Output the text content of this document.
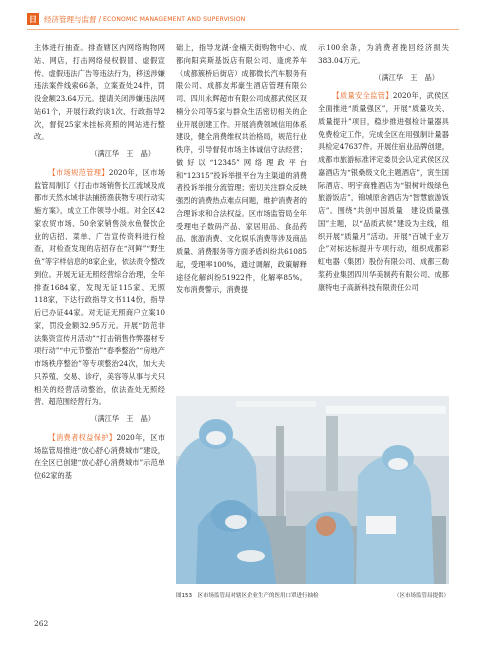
日 经济管理与监督 / ECONOMIC MANAGEMENT AND SUPERVISION

主体进行抽查。排查辖区内网络购物网站、网店，打击网络侵权假冒、虚假宣传、虚假违法广告等违法行为，移送涉嫌违法案件线索66条，立案查处24件，罚没金额23.64万元。提请关闭涉嫌违法网站61个，开展行政约谈1次、行政指导2次，督促25家未挂标亮照的网站进行整改。

（满江华　王　晶）

【市场规范管理】2020年，区市场监管局制订《打击市场销售长江流域及成都市天然水域非法捕捞渔获物专项行动实施方案》，成立工作领导小组。对全区42家农贸市场、50余家销售淡水鱼餐饮企业的店招、菜单、广告宣传资料进行检查，对检查发现的店招存在“河鲜”“野生鱼”等字样信息的8家企业，依法责令整改到位。开展无证无照经营综合治理，全年排查1684家，发现无证115家、无照118家，下达行政指导文书114份，指导后已办证44家。对无证无照商户立案10家，罚没金额32.95万元。开展“防范非法集资宣传月活动”“打击销售作弊器材专项行动”“中元节整治”“春季整治”“房地产市场秩序整治”等专项整治24次，加大夫只养殖、交易、诊疗，美容等从事与犬只相关的经营活动整治，依法查处无照经营、超范围经营行为。

（满江华　王　晶）

【消费者权益保护】2020年，区市场监管局推进“放心舒心消费城市”建设，在全区已创建“放心舒心消费城市”示范单位62家的基

础上，指导龙湖·金楠天街购物中心、成都向阳宾斯基饭店有限公司、逢虎养车（成都簇桥后街店）成都微长汽车服务有限公司、成都友邦豪生酒店管理有限公司、四川永辉超市有限公司成都武侯区双楠分公司等5家与群众生活密切相关的企业开展创建工作。开展消费领域信用体系建设，健全消费维权共治格局，规范行业秩序，引导督促市场主体诚信守法经营；做好以“12345”网络理政平台和“12315”投诉举报平台为主渠道的消费者投诉举报分流管理；密切关注群众反映强烈的消费热点难点问题，维护消费者的合理诉求和合法权益。区市场监管局全年受理电子数码产品、家居用品、食品药品、旅游消费、文化娱乐消费等涉及商品质量、消费服务等方面矛盾纠纷共61085起，受理率100%，通过调解，政策解释途径化解纠纷51922件，化解率85%。发布消费警示，消费提

示100余条，为消费者挽回经济损失383.04万元。

（满江华　王　晶）

【质量安全监管】2020年，武侯区全面推进“质量强区”，开展“质量攻关、质量提升”项目，稳步推进强检计量器具免费检定工作，完成全区在用强制计量器具检定47637件。开展住宿业品牌创建，成都市旅游标准评定委员会认定武侯区汉嘉酒店为“银桑级文化主题酒店”，寅生国际酒店、明宇商雅酒店为“银树叶级绿色旅游饭店”，锦城原舍酒店为“智慧旅游饭店”。围绕“共创中国质量　建设质量强国”主题，以“品质武侯”建设为主线，组织开展“质量月”活动。开展“百城千业万企”对标达标提升专项行动，组织成都彩虹电器（集团）股份有限公司、成都三勒浆药业集团四川华美制药有限公司、成都康特电子高新科技有限责任公司

图153　区市场监管局对辖区企业生产的医用口罩进行抽检	（区市场监管局提供）
262
